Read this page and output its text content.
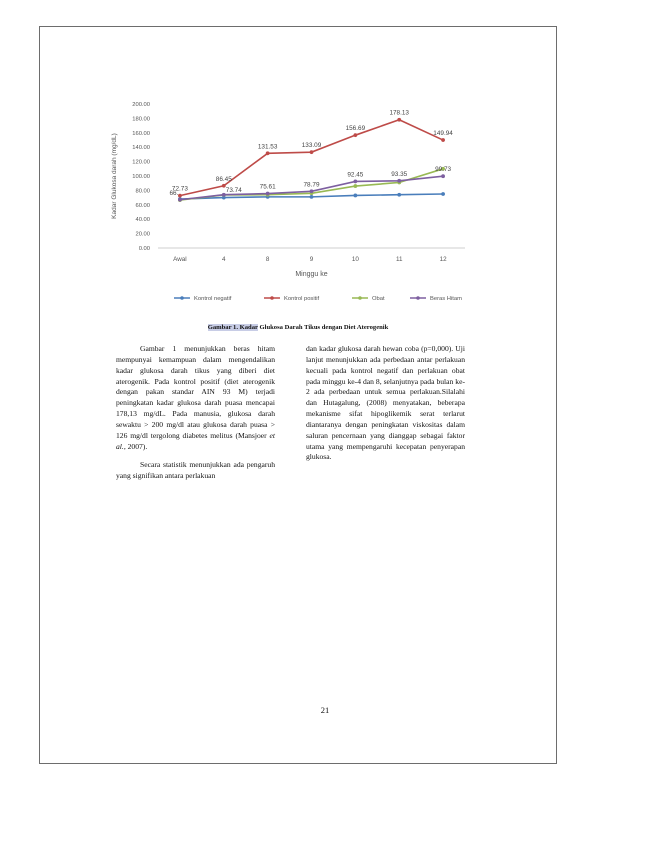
0.00
20.00
40.00
60.00
80.00
100.00
120.00
140.00
160.00
180.00
200.00
Awal	4	8	9	10	11	12
Kadar Glukosa darah (mg/dL)
Minggu ke
72.73
86.45
131.53	133.09
156.69
178.13
149.94
66.	73.74	75.61	78.79
92.45	93.35
99.73
Kontrol negatif	Kontrol positif	Obat	Beras Hitam
Gambar 1. Kadar Glukosa Darah Tikus dengan Diet Aterogenik

Gambar 1 menunjukkan beras hitam mempunyai kemampuan dalam mengendalikan kadar glukosa darah tikus yang diberi diet aterogenik. Pada kontrol positif (diet aterogenik dengan pakan standar AIN 93 M) terjadi peningkatan kadar glukosa darah puasa mencapai 178,13 mg/dL. Pada manusia, glukosa darah sewaktu > 200 mg/dl atau glukosa darah puasa > 126 mg/dl tergolong diabetes melitus (Mansjoer et al., 2007).

Secara statistik menunjukkan ada pengaruh yang signifikan antara perlakuan

dan kadar glukosa darah hewan coba (p=0,000). Uji lanjut menunjukkan ada perbedaan antar perlakuan kecuali pada kontrol negatif dan perlakuan obat pada minggu ke-4 dan 8, selanjutnya pada bulan ke-2 ada perbedaan untuk semua perlakuan.Silalahi dan Hutagalung, (2008) menyatakan, beberapa mekanisme sifat hipoglikemik serat terlarut diantaranya dengan peningkatan viskositas dalam saluran pencernaan yang dianggap sebagai faktor utama yang mempengaruhi kecepatan penyerapan glukosa.

21
